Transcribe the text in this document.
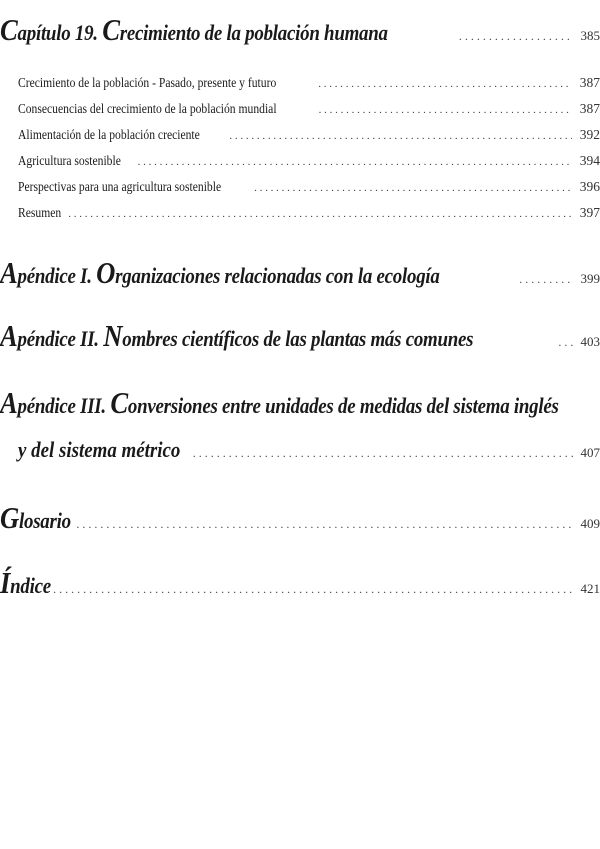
Capítulo 19. Crecimiento de la población humana . . .	385
Crecimiento de la población - Pasado, presente y futuro . . .	387
Consecuencias del crecimiento de la población mundial . . .	387
Alimentación de la población creciente . . .	392
Agricultura sostenible . . .	394
Perspectivas para una agricultura sostenible . . .	396
Resumen . . .	397
Apéndice I. Organizaciones relacionadas con la ecología . . .	399
Apéndice II. Nombres científicos de las plantas más comunes . . .	403
Apéndice III. Conversiones entre unidades de medidas del sistema inglés
y del sistema métrico . . .	407
Glosario . . .	409
Índice . . .	421
